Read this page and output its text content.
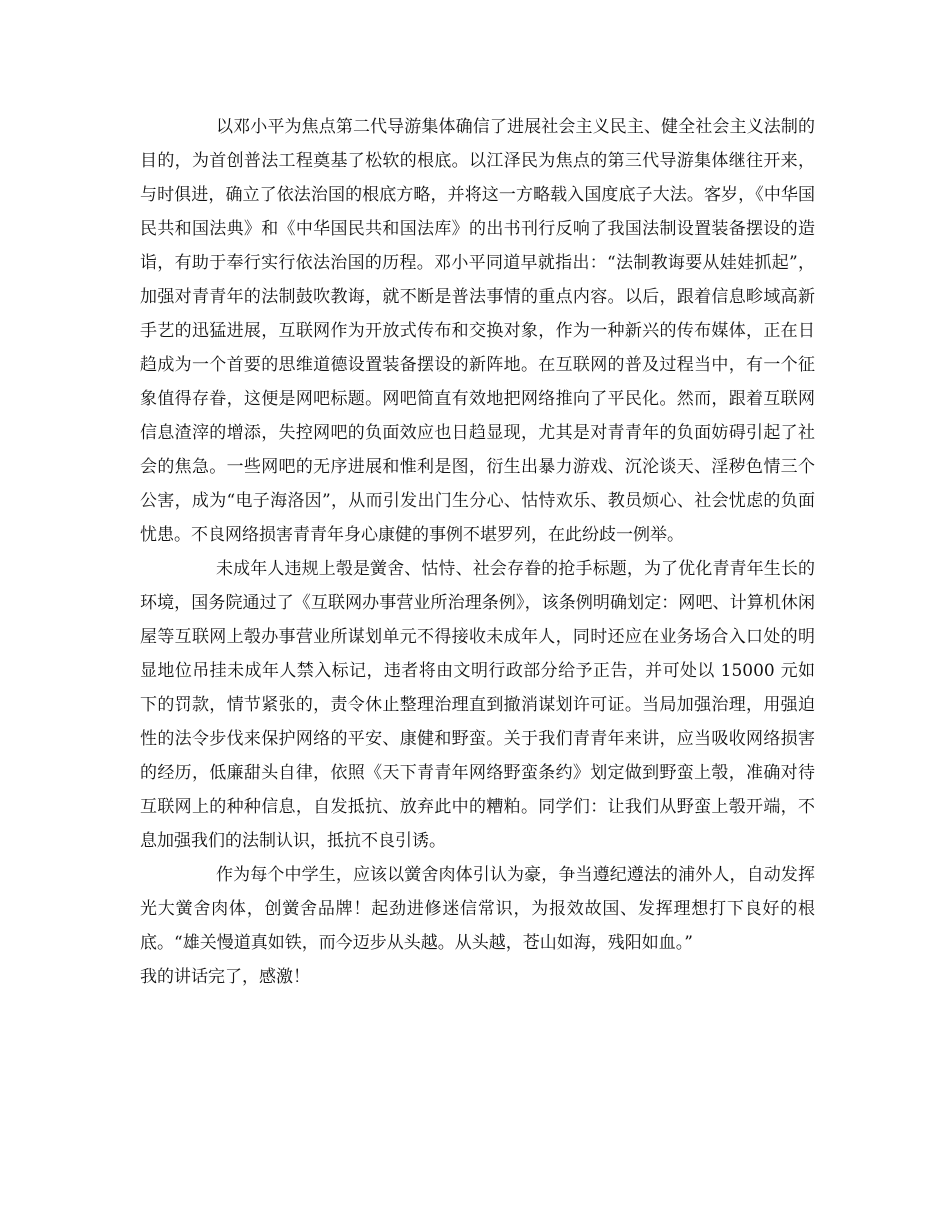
以邓小平为焦点第二代导游集体确信了进展社会主义民主、健全社会主义法制的目的，为首创普法工程奠基了松软的根底。以江泽民为焦点的第三代导游集体继往开来，与时俱进，确立了依法治国的根底方略，并将这一方略载入国度底子大法。客岁，《中华国民共和国法典》和《中华国民共和国法库》的出书刊行反响了我国法制设置装备摆设的造诣，有助于奉行实行依法治国的历程。邓小平同道早就指出：“法制教诲要从娃娃抓起”，加强对青青年的法制鼓吹教诲，就不断是普法事情的重点内容。以后，跟着信息畛域高新手艺的迅猛进展，互联网作为开放式传布和交换对象，作为一种新兴的传布媒体，正在日趋成为一个首要的思维道德设置装备摆设的新阵地。在互联网的普及过程当中，有一个征象值得存眷，这便是网吧标题。网吧简直有效地把网络推向了平民化。然而，跟着互联网信息渣滓的增添，失控网吧的负面效应也日趋显现，尤其是对青青年的负面妨碍引起了社会的焦急。一些网吧的无序进展和惟利是图，衍生出暴力游戏、沉沦谈天、淫秽色情三个公害，成为“电子海洛因”，从而引发出门生分心、怙恃欢乐、教员烦心、社会忧虑的负面忧患。不良网络损害青青年身心康健的事例不堪罗列，在此纷歧一例举。

未成年人违规上彀是黉舍、怙恃、社会存眷的抢手标题，为了优化青青年生长的环境，国务院通过了《互联网办事营业所治理条例》，该条例明确划定：网吧、计算机休闲屋等互联网上彀办事营业所谋划单元不得接收未成年人，同时还应在业务场合入口处的明显地位吊挂未成年人禁入标记，违者将由文明行政部分给予正告，并可处以 15000 元如下的罚款，情节紧张的，责令休止整理治理直到撤消谋划许可证。当局加强治理，用强迫性的法令步伐来保护网络的平安、康健和野蛮。关于我们青青年来讲，应当吸收网络损害的经历，低廉甜头自律，依照《天下青青年网络野蛮条约》划定做到野蛮上彀，准确对待互联网上的种种信息，自发抵抗、放弃此中的糟粕。同学们：让我们从野蛮上彀开端，不息加强我们的法制认识，抵抗不良引诱。

作为每个中学生，应该以黉舍肉体引认为豪，争当遵纪遵法的浦外人，自动发挥光大黉舍肉体，创黉舍品牌！起劲进修迷信常识，为报效故国、发挥理想打下良好的根底。“雄关慢道真如铁，而今迈步从头越。从头越，苍山如海，残阳如血。”

我的讲话完了，感激！
